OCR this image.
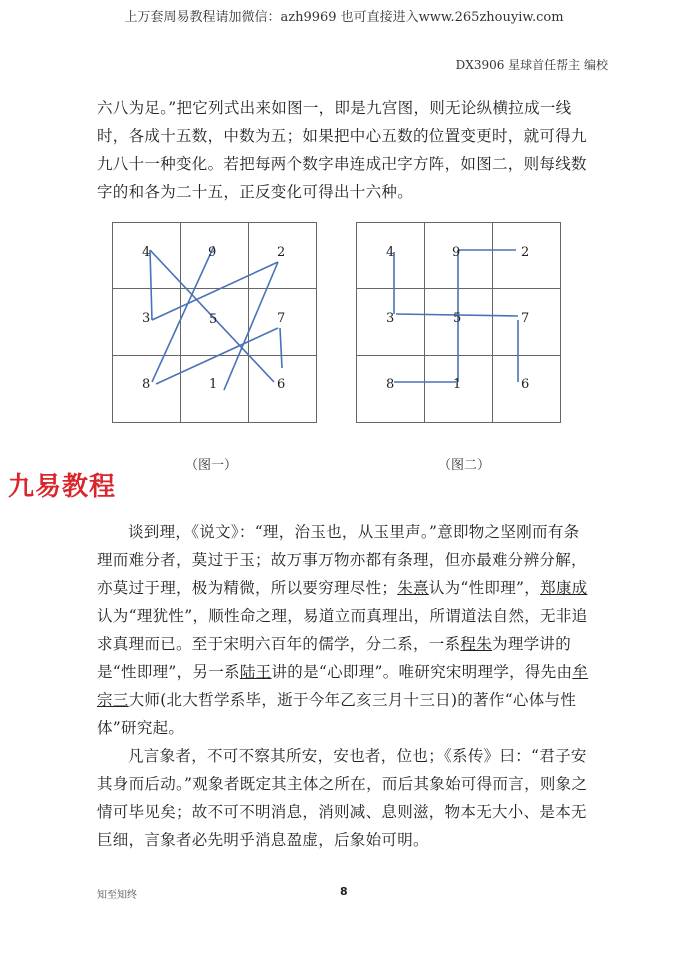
上万套周易教程请加微信：azh9969 也可直接进入www.265zhouyiw.com
DX3906 星球首任帮主 编校

六八为足。”把它列式出来如图一，即是九宫图，则无论纵横拉成一线时，各成十五数，中数为五；如果把中心五数的位置变更时，就可得九九八十一种变化。若把每两个数字串连成卍字方阵，如图二，则每线数字的和各为二十五，正反变化可得出十六种。

4	9	2
3	5	7
8	1	6
4	9	2
3	5	7
8	1	6
（图一）	（图二）
九易教程
谈到理，《说文》：“理，治玉也，从玉里声。”意即物之坚刚而有条理而难分者，莫过于玉；故万事万物亦都有条理，但亦最难分辨分解，亦莫过于理，极为精微，所以要穷理尽性；朱熹认为“性即理”，郑康成认为“理犹性”，顺性命之理，易道立而真理出，所谓道法自然，无非追求真理而已。至于宋明六百年的儒学，分二系，一系程朱为理学讲的是“性即理”，另一系陆王讲的是“心即理”。唯研究宋明理学，得先由牟宗三大师(北大哲学系毕，逝于今年乙亥三月十三日)的著作“心体与性体”研究起。

凡言象者，不可不察其所安，安也者，位也；《系传》曰：“君子安其身而后动。”观象者既定其主体之所在，而后其象始可得而言，则象之情可毕见矣；故不可不明消息，消则减、息则滋，物本无大小、是本无巨细，言象者必先明乎消息盈虚，后象始可明。

知至知终	8
